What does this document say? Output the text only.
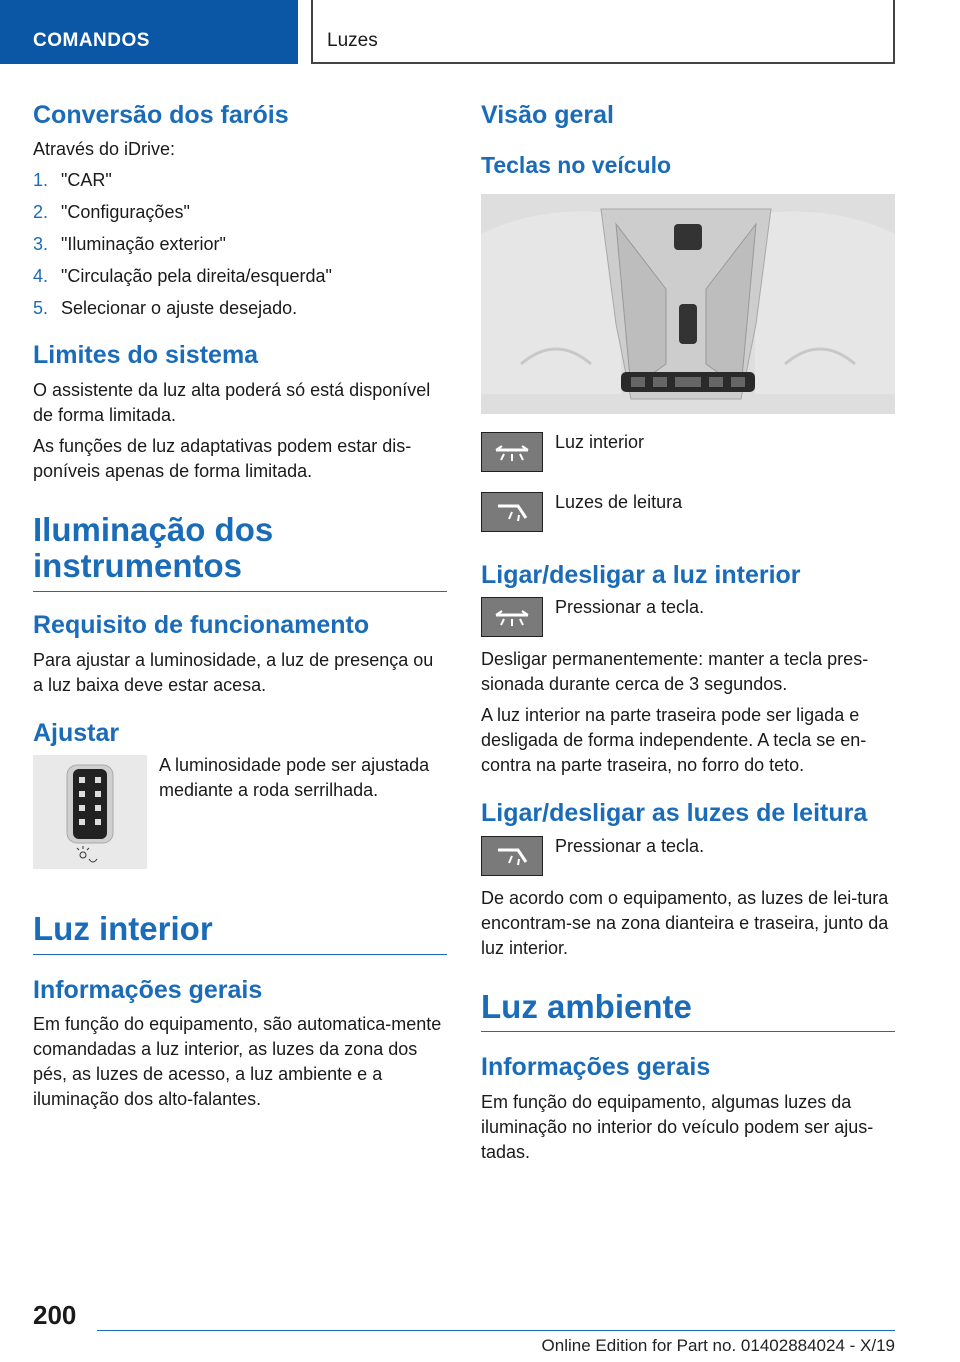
COMANDOS	Luzes
Conversão dos faróis
Através do iDrive:
1. "CAR"
2. "Configurações"
3. "Iluminação exterior"
4. "Circulação pela direita/esquerda"
5. Selecionar o ajuste desejado.
Limites do sistema
O assistente da luz alta poderá só está disponível de forma limitada.
As funções de luz adaptativas podem estar dis‐poníveis apenas de forma limitada.
Iluminação dos instrumentos
Requisito de funcionamento
Para ajustar a luminosidade, a luz de presença ou a luz baixa deve estar acesa.
Ajustar
A luminosidade pode ser ajustada mediante a roda serrilhada.
Luz interior
Informações gerais
Em função do equipamento, são automatica‐mente comandadas a luz interior, as luzes da zona dos pés, as luzes de acesso, a luz ambiente e a iluminação dos alto-falantes.
Visão geral
Teclas no veículo
Luz interior
Luzes de leitura
Ligar/desligar a luz interior
Pressionar a tecla.
Desligar permanentemente: manter a tecla pres‐sionada durante cerca de 3 segundos.
A luz interior na parte traseira pode ser ligada e desligada de forma independente. A tecla se en‐contra na parte traseira, no forro do teto.
Ligar/desligar as luzes de leitura
Pressionar a tecla.
De acordo com o equipamento, as luzes de lei‐tura encontram-se na zona dianteira e traseira, junto da luz interior.
Luz ambiente
Informações gerais
Em função do equipamento, algumas luzes da iluminação no interior do veículo podem ser ajus‐tadas.
200
Online Edition for Part no. 01402884024 - X/19
